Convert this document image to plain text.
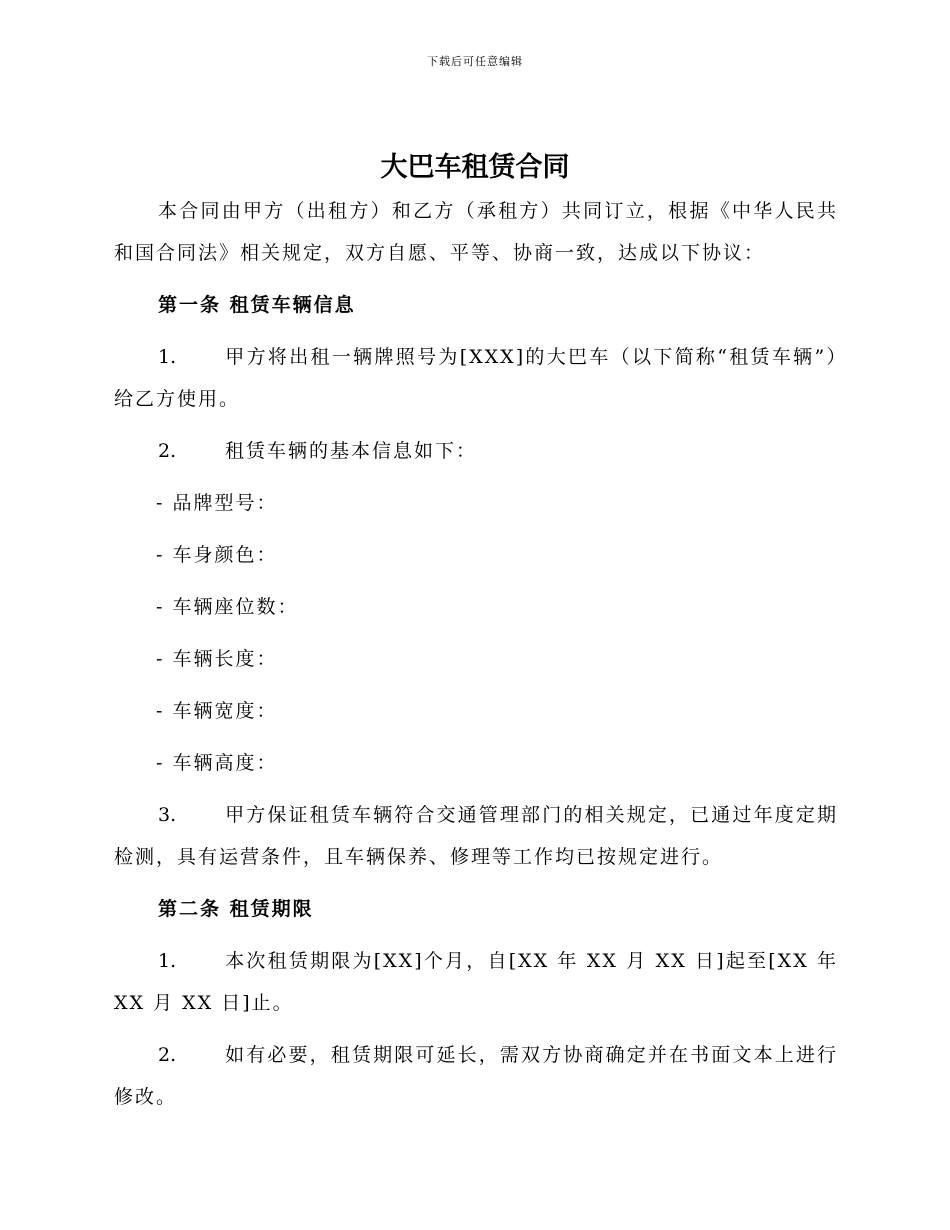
下载后可任意编辑
大巴车租赁合同

本合同由甲方（出租方）和乙方（承租方）共同订立，根据《中华人民共和国合同法》相关规定，双方自愿、平等、协商一致，达成以下协议：

第一条 租赁车辆信息

1.	甲方将出租一辆牌照号为[XXX]的大巴车（以下简称“租赁车辆”）给乙方使用。

2.	租赁车辆的基本信息如下：

- 品牌型号：

- 车身颜色：

- 车辆座位数：

- 车辆长度：

- 车辆宽度：

- 车辆高度：

3.	甲方保证租赁车辆符合交通管理部门的相关规定，已通过年度定期检测，具有运营条件，且车辆保养、修理等工作均已按规定进行。

第二条 租赁期限

1.	本次租赁期限为[XX]个月，自[XX 年 XX 月 XX 日]起至[XX 年 XX 月 XX 日]止。

2.	如有必要，租赁期限可延长，需双方协商确定并在书面文本上进行修改。
